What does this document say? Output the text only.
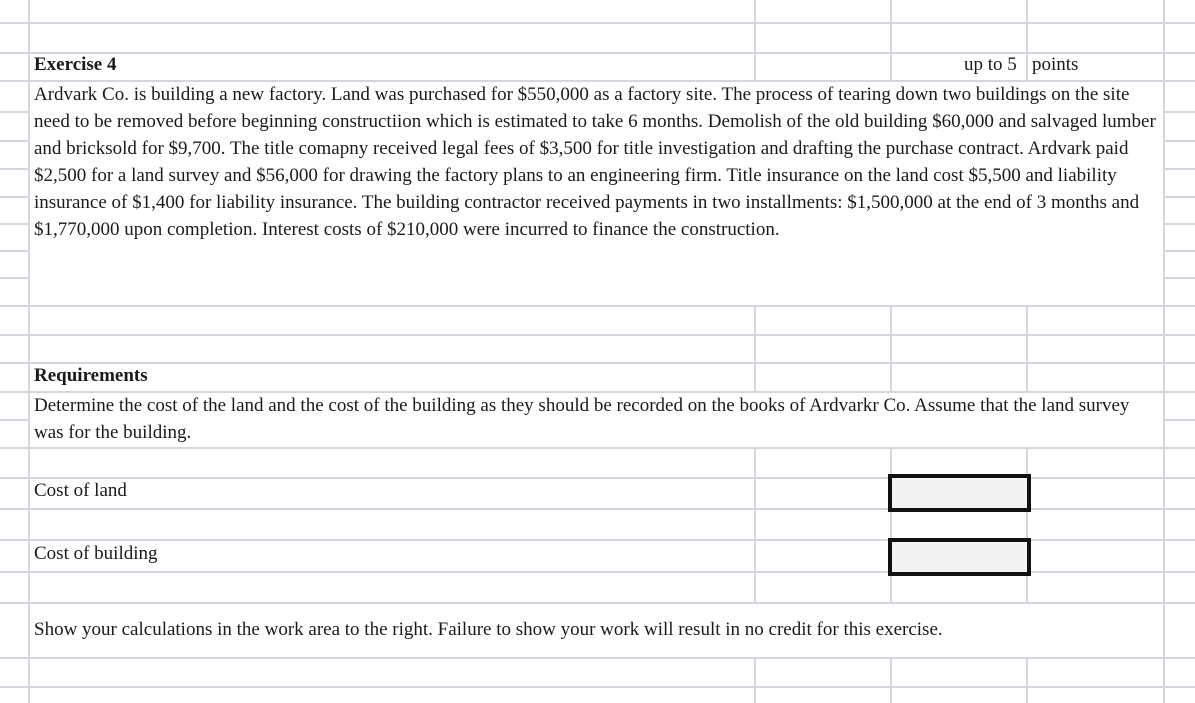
Exercise 4	up to 5 points
Ardvark Co. is building a new factory. Land was purchased for $550,000 as a factory site. The process of tearing down two buildings on the site need to be removed before beginning constructiion which is estimated to take 6 months. Demolish of the old building $60,000 and salvaged lumber and bricksold for $9,700. The title comapny received legal fees of $3,500 for title investigation and drafting the purchase contract. Ardvark paid $2,500 for a land survey and $56,000 for drawing the factory plans to an engineering firm. Title insurance on the land cost $5,500 and liability insurance of $1,400 for liability insurance. The building contractor received payments in two installments: $1,500,000 at the end of 3 months and $1,770,000 upon completion. Interest costs of $210,000 were incurred to finance the construction.
Requirements
Determine the cost of the land and the cost of the building as they should be recorded on the books of Ardvarkr Co. Assume that the land survey was for the building.
Cost of land
Cost of building
Show your calculations in the work area to the right. Failure to show your work will result in no credit for this exercise.
